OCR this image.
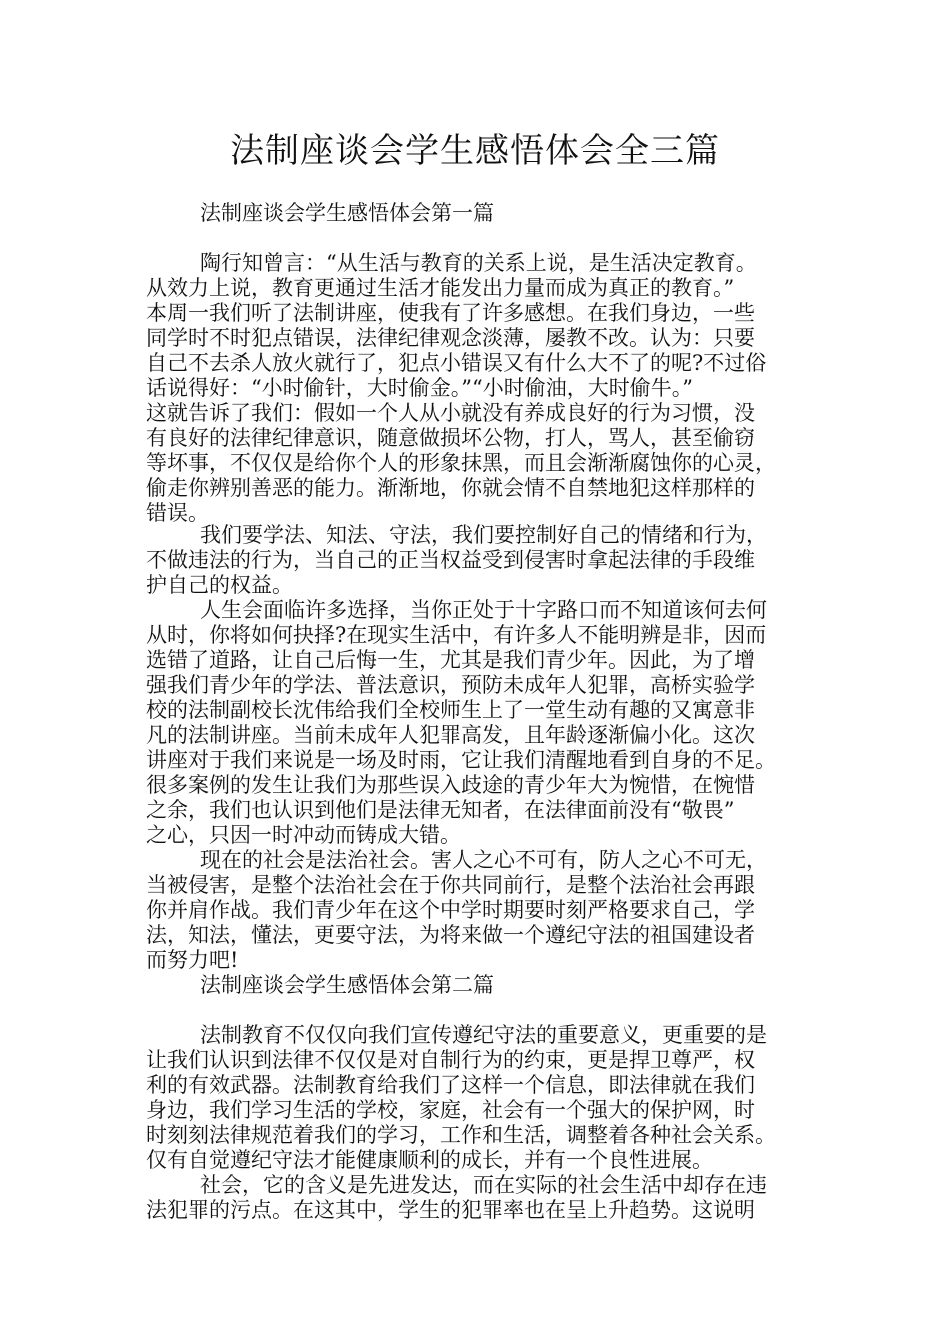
法制座谈会学生感悟体会全三篇
法制座谈会学生感悟体会第一篇
陶行知曾言：“从生活与教育的关系上说，是生活决定教育。
从效力上说，教育更通过生活才能发出力量而成为真正的教育。”
本周一我们听了法制讲座，使我有了许多感想。在我们身边，一些
同学时不时犯点错误，法律纪律观念淡薄，屡教不改。认为：只要
自己不去杀人放火就行了，犯点小错误又有什么大不了的呢?不过俗
话说得好：“小时偷针，大时偷金。”“小时偷油，大时偷牛。”
这就告诉了我们：假如一个人从小就没有养成良好的行为习惯，没
有良好的法律纪律意识，随意做损坏公物，打人，骂人，甚至偷窃
等坏事，不仅仅是给你个人的形象抹黑，而且会渐渐腐蚀你的心灵，
偷走你辨别善恶的能力。渐渐地，你就会情不自禁地犯这样那样的
错误。
我们要学法、知法、守法，我们要控制好自己的情绪和行为，
不做违法的行为，当自己的正当权益受到侵害时拿起法律的手段维
护自己的权益。
人生会面临许多选择，当你正处于十字路口而不知道该何去何
从时，你将如何抉择?在现实生活中，有许多人不能明辨是非，因而
选错了道路，让自己后悔一生，尤其是我们青少年。因此，为了增
强我们青少年的学法、普法意识，预防未成年人犯罪，高桥实验学
校的法制副校长沈伟给我们全校师生上了一堂生动有趣的又寓意非
凡的法制讲座。当前未成年人犯罪高发，且年龄逐渐偏小化。这次
讲座对于我们来说是一场及时雨，它让我们清醒地看到自身的不足。
很多案例的发生让我们为那些误入歧途的青少年大为惋惜，在惋惜
之余，我们也认识到他们是法律无知者，在法律面前没有“敬畏”
之心，只因一时冲动而铸成大错。
现在的社会是法治社会。害人之心不可有，防人之心不可无，
当被侵害，是整个法治社会在于你共同前行，是整个法治社会再跟
你并肩作战。我们青少年在这个中学时期要时刻严格要求自己，学
法，知法，懂法，更要守法，为将来做一个遵纪守法的祖国建设者
而努力吧!
法制座谈会学生感悟体会第二篇
法制教育不仅仅向我们宣传遵纪守法的重要意义，更重要的是
让我们认识到法律不仅仅是对自制行为的约束，更是捍卫尊严，权
利的有效武器。法制教育给我们了这样一个信息，即法律就在我们
身边，我们学习生活的学校，家庭，社会有一个强大的保护网，时
时刻刻法律规范着我们的学习，工作和生活，调整着各种社会关系。
仅有自觉遵纪守法才能健康顺利的成长，并有一个良性进展。
社会，它的含义是先进发达，而在实际的社会生活中却存在违
法犯罪的污点。在这其中，学生的犯罪率也在呈上升趋势。这说明
